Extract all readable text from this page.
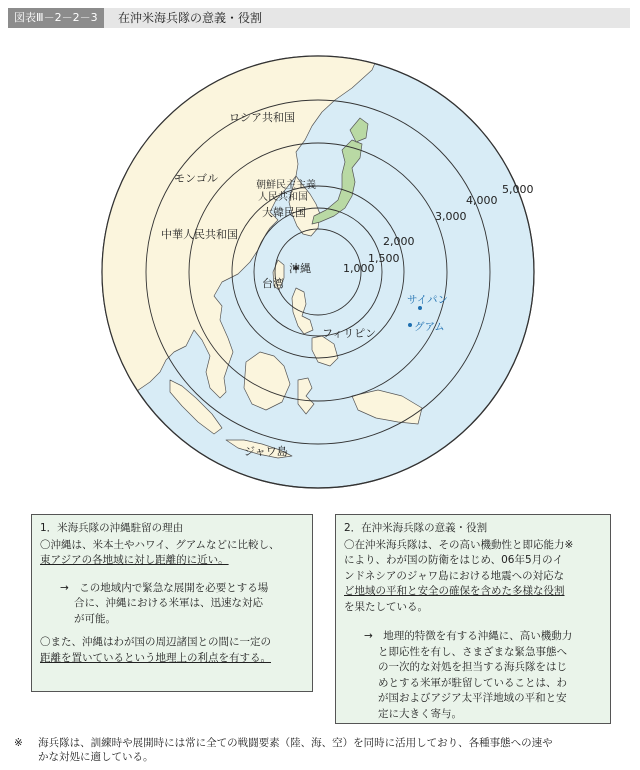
図表Ⅲ－2－2－3	在沖米海兵隊の意義・役割
ロシア共和国
モンゴル
中華人民共和国
朝鮮民主主義人民共和国
大韓民国
台湾
フィリピン
ジャワ島
沖縄	1,000
1,500
2,000
3,000
4,000
5,000
サイパン
グアム

1．米海兵隊の沖縄駐留の理由

〇沖縄は、米本土やハワイ、グアムなどに比較し、
東アジアの各地域に対し距離的に近い。

→　この地域内で緊急な展開を必要とする場
合に、沖縄における米軍は、迅速な対応
が可能。

〇また、沖縄はわが国の周辺諸国との間に一定の
距離を置いているという地理上の利点を有する。

2．在沖米海兵隊の意義・役割

〇在沖米海兵隊は、その高い機動性と即応能力※
により、わが国の防衛をはじめ、06年5月のイ
ンドネシアのジャワ島における地震への対応な
ど地域の平和と安全の確保を含めた多様な役割
を果たしている。

→　地理的特徴を有する沖縄に、高い機動力
と即応性を有し、さまざまな緊急事態へ
の一次的な対処を担当する海兵隊をはじ
めとする米軍が駐留していることは、わ
が国およびアジア太平洋地域の平和と安
定に大きく寄与。

※ 海兵隊は、訓練時や展開時には常に全ての戦闘要素（陸、海、空）を同時に活用しており、各種事態への速や
かな対処に適している。
